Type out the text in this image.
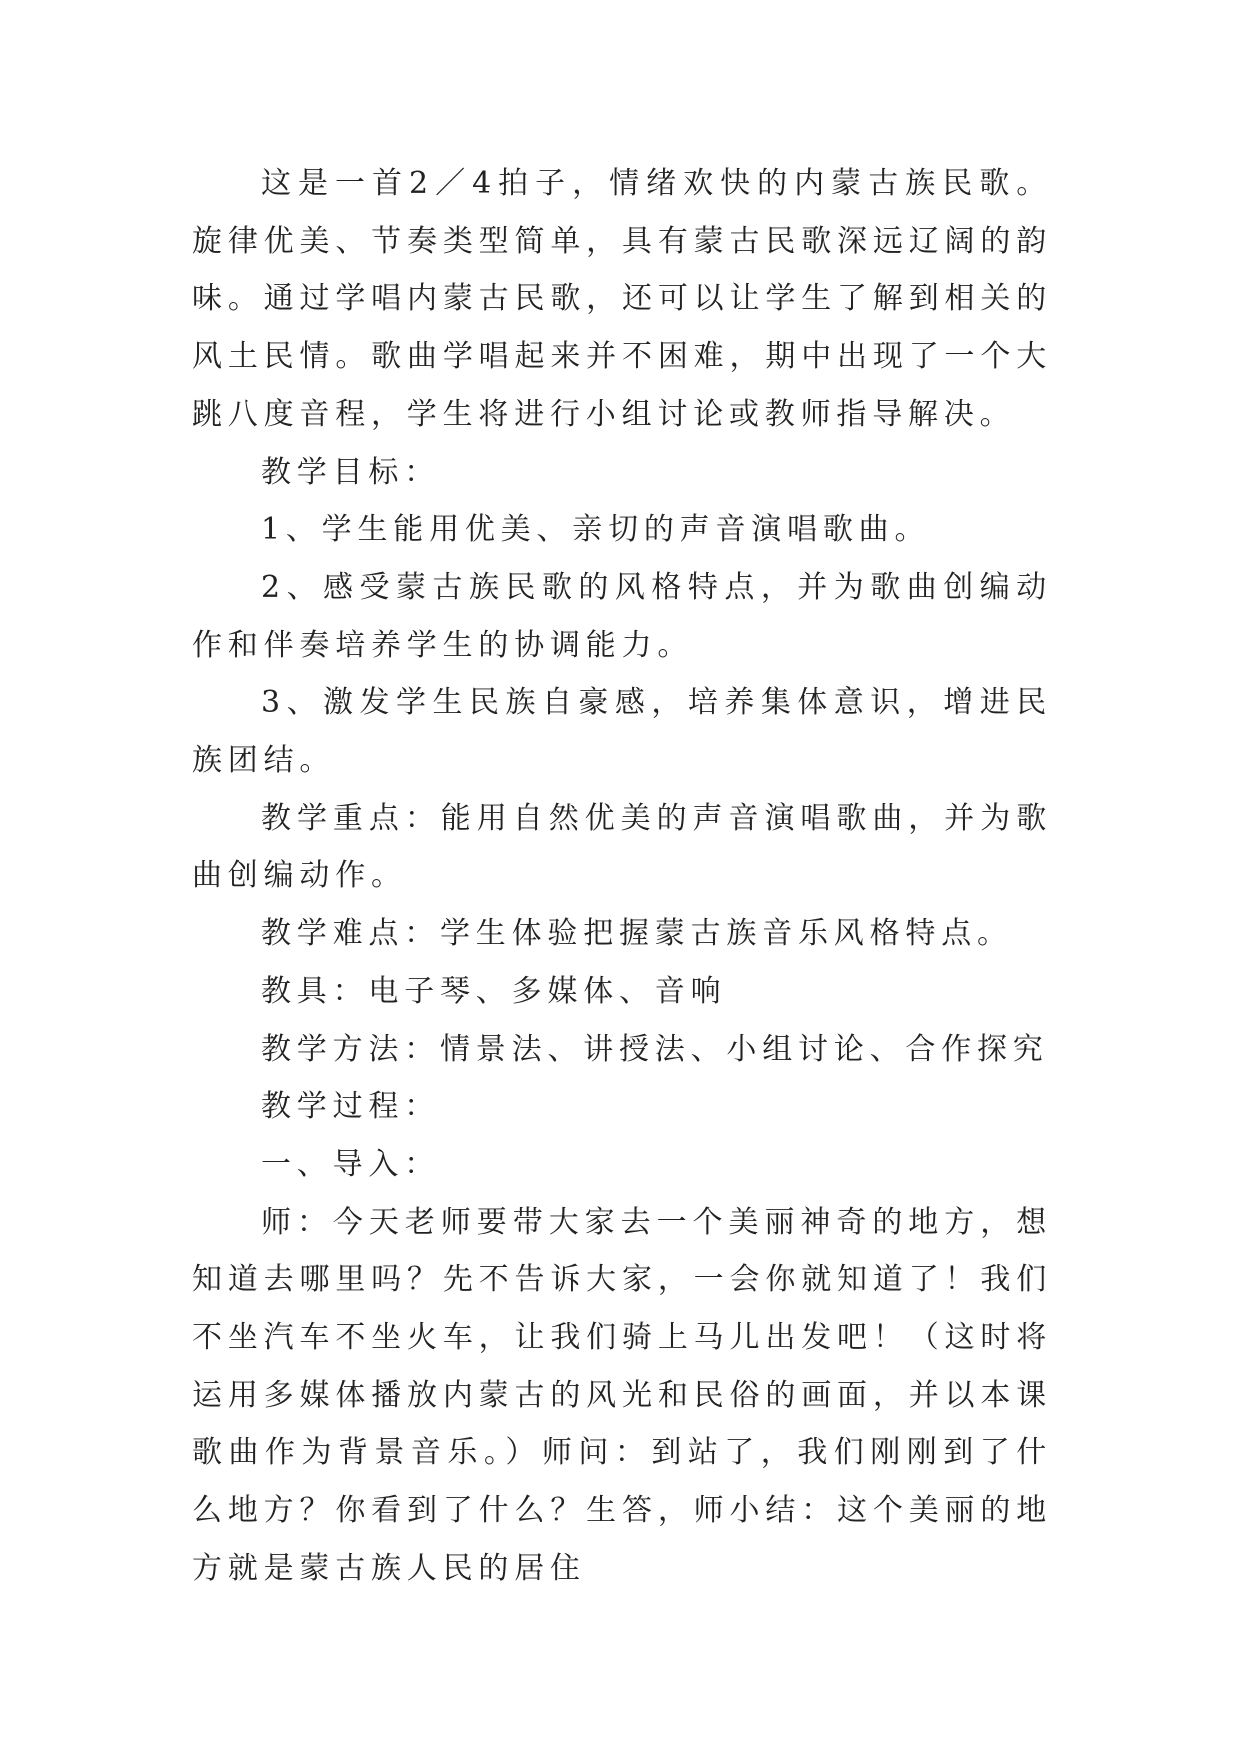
这是一首2／4拍子，情绪欢快的内蒙古族民歌。旋律优美、节奏类型简单，具有蒙古民歌深远辽阔的韵味。通过学唱内蒙古民歌，还可以让学生了解到相关的风土民情。歌曲学唱起来并不困难，期中出现了一个大跳八度音程，学生将进行小组讨论或教师指导解决。

教学目标：

1、学生能用优美、亲切的声音演唱歌曲。

2、感受蒙古族民歌的风格特点，并为歌曲创编动作和伴奏培养学生的协调能力。

3、激发学生民族自豪感，培养集体意识，增进民族团结。

教学重点：能用自然优美的声音演唱歌曲，并为歌曲创编动作。

教学难点：学生体验把握蒙古族音乐风格特点。

教具：电子琴、多媒体、音响

教学方法：情景法、讲授法、小组讨论、合作探究

教学过程：

一、导入：

师：今天老师要带大家去一个美丽神奇的地方，想知道去哪里吗？先不告诉大家，一会你就知道了！我们不坐汽车不坐火车，让我们骑上马儿出发吧！（这时将运用多媒体播放内蒙古的风光和民俗的画面，并以本课歌曲作为背景音乐。）师问：到站了，我们刚刚到了什么地方？你看到了什么？生答，师小结：这个美丽的地方就是蒙古族人民的居住
